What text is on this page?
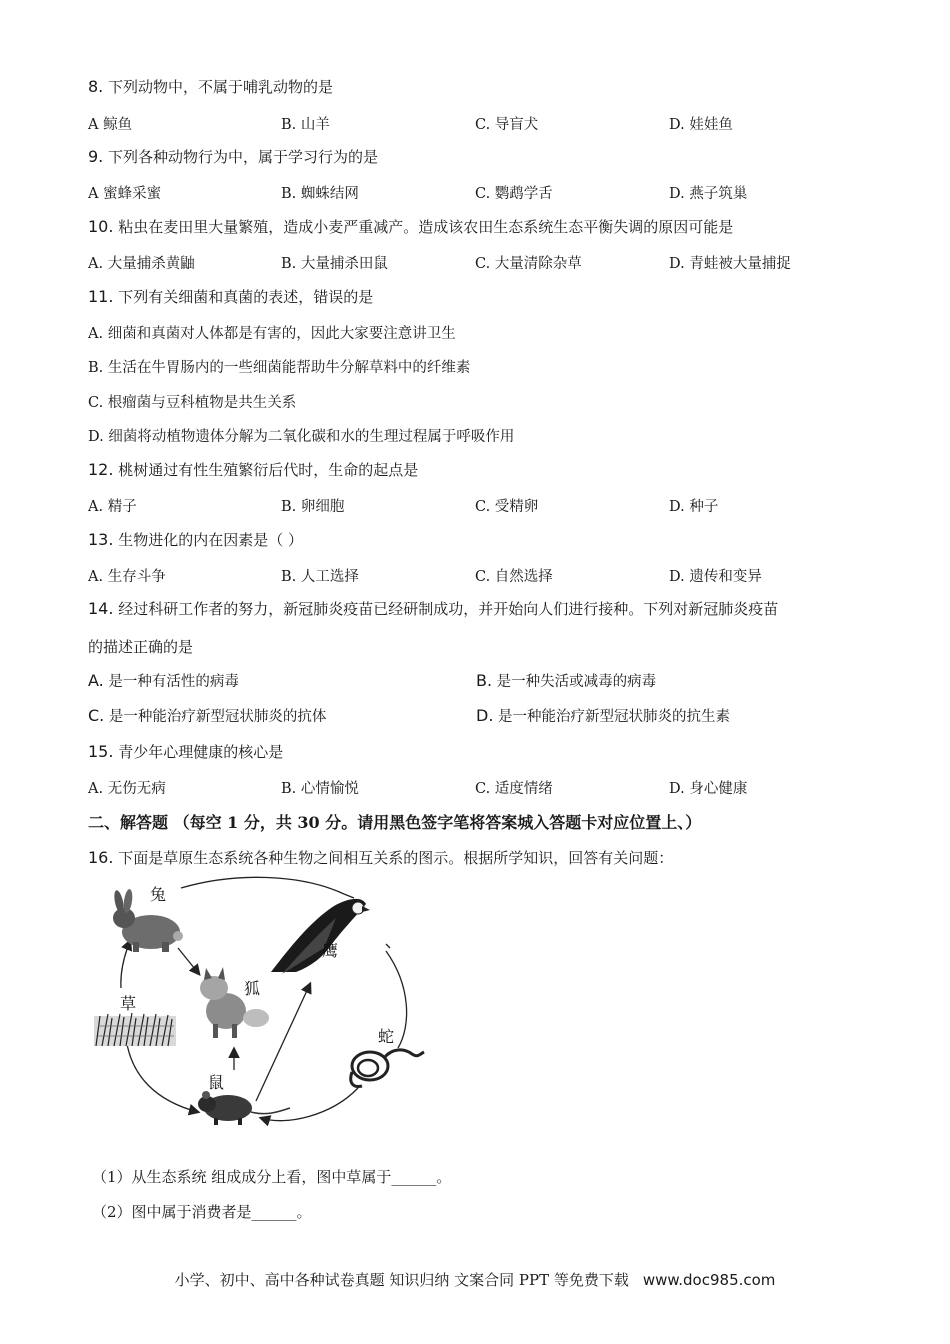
8. 下列动物中，不属于哺乳动物的是
A 鲸鱼	B. 山羊	C. 导盲犬	D. 娃娃鱼
9. 下列各种动物行为中，属于学习行为的是
A 蜜蜂采蜜	B. 蜘蛛结网	C. 鹦鹉学舌	D. 燕子筑巢
10. 粘虫在麦田里大量繁殖，造成小麦严重减产。造成该农田生态系统生态平衡失调的原因可能是
A. 大量捕杀黄鼬	B. 大量捕杀田鼠	C. 大量清除杂草	D. 青蛙被大量捕捉
11. 下列有关细菌和真菌的表述，错误的是
A. 细菌和真菌对人体都是有害的，因此大家要注意讲卫生
B. 生活在牛胃肠内的一些细菌能帮助牛分解草料中的纤维素
C. 根瘤菌与豆科植物是共生关系
D. 细菌将动植物遗体分解为二氧化碳和水的生理过程属于呼吸作用
12. 桃树通过有性生殖繁衍后代时，生命的起点是
A. 精子	B. 卵细胞	C. 受精卵	D. 种子
13. 生物进化的内在因素是（ ）
A. 生存斗争	B. 人工选择	C. 自然选择	D. 遗传和变异
14. 经过科研工作者的努力，新冠肺炎疫苗已经研制成功，并开始向人们进行接种。下列对新冠肺炎疫苗
的描述正确的是
A. 是一种有活性的病毒	B. 是一种失活或减毒的病毒
C. 是一种能治疗新型冠状肺炎的抗体	D. 是一种能治疗新型冠状肺炎的抗生素
15. 青少年心理健康的核心是
A. 无伤无病	B. 心情愉悦	C. 适度情绪	D. 身心健康
二、解答题 （每空 1 分，共 30 分。请用黑色签字笔将答案城入答题卡对应位置上、）
16. 下面是草原生态系统各种生物之间相互关系的图示。根据所学知识，回答有关问题：
兔
鹰
草
狐
蛇
鼠
（1）从生态系统 组成成分上看，图中草属于______。
（2）图中属于消费者是______。
小学、初中、高中各种试卷真题 知识归纳 文案合同 PPT 等免费下载 www.doc985.com
